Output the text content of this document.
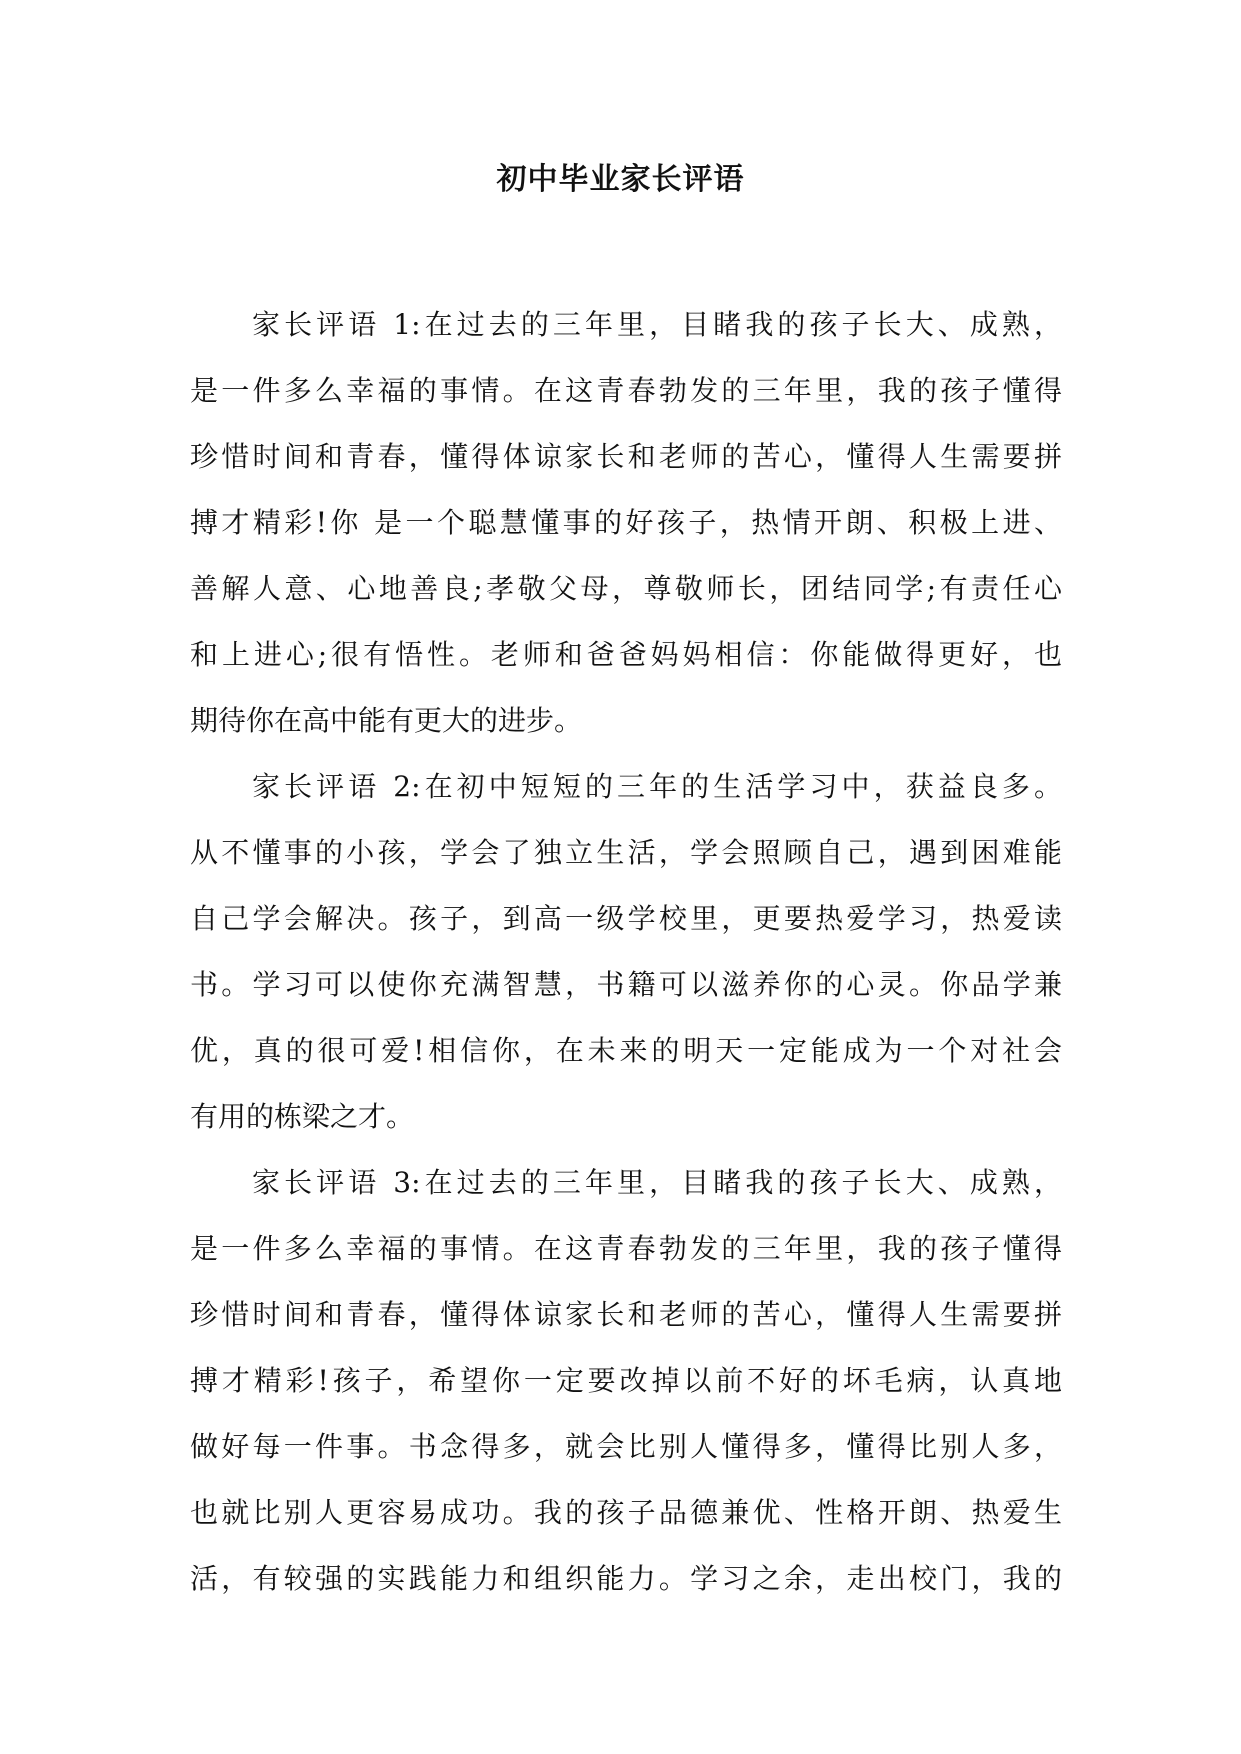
初中毕业家长评语
家长评语 1:在过去的三年里，目睹我的孩子长大、成熟，
是一件多么幸福的事情。在这青春勃发的三年里，我的孩子懂得
珍惜时间和青春，懂得体谅家长和老师的苦心，懂得人生需要拼
搏才精彩!你 是一个聪慧懂事的好孩子，热情开朗、积极上进、
善解人意、心地善良;孝敬父母，尊敬师长，团结同学;有责任心
和上进心;很有悟性。老师和爸爸妈妈相信：你能做得更好，也
期待你在高中能有更大的进步。
家长评语 2:在初中短短的三年的生活学习中，获益良多。
从不懂事的小孩，学会了独立生活，学会照顾自己，遇到困难能
自己学会解决。孩子，到高一级学校里，更要热爱学习，热爱读
书。学习可以使你充满智慧，书籍可以滋养你的心灵。你品学兼
优，真的很可爱!相信你，在未来的明天一定能成为一个对社会
有用的栋梁之才。
家长评语 3:在过去的三年里，目睹我的孩子长大、成熟，
是一件多么幸福的事情。在这青春勃发的三年里，我的孩子懂得
珍惜时间和青春，懂得体谅家长和老师的苦心，懂得人生需要拼
搏才精彩!孩子，希望你一定要改掉以前不好的坏毛病，认真地
做好每一件事。书念得多，就会比别人懂得多，懂得比别人多，
也就比别人更容易成功。我的孩子品德兼优、性格开朗、热爱生
活，有较强的实践能力和组织能力。学习之余，走出校门，我的
